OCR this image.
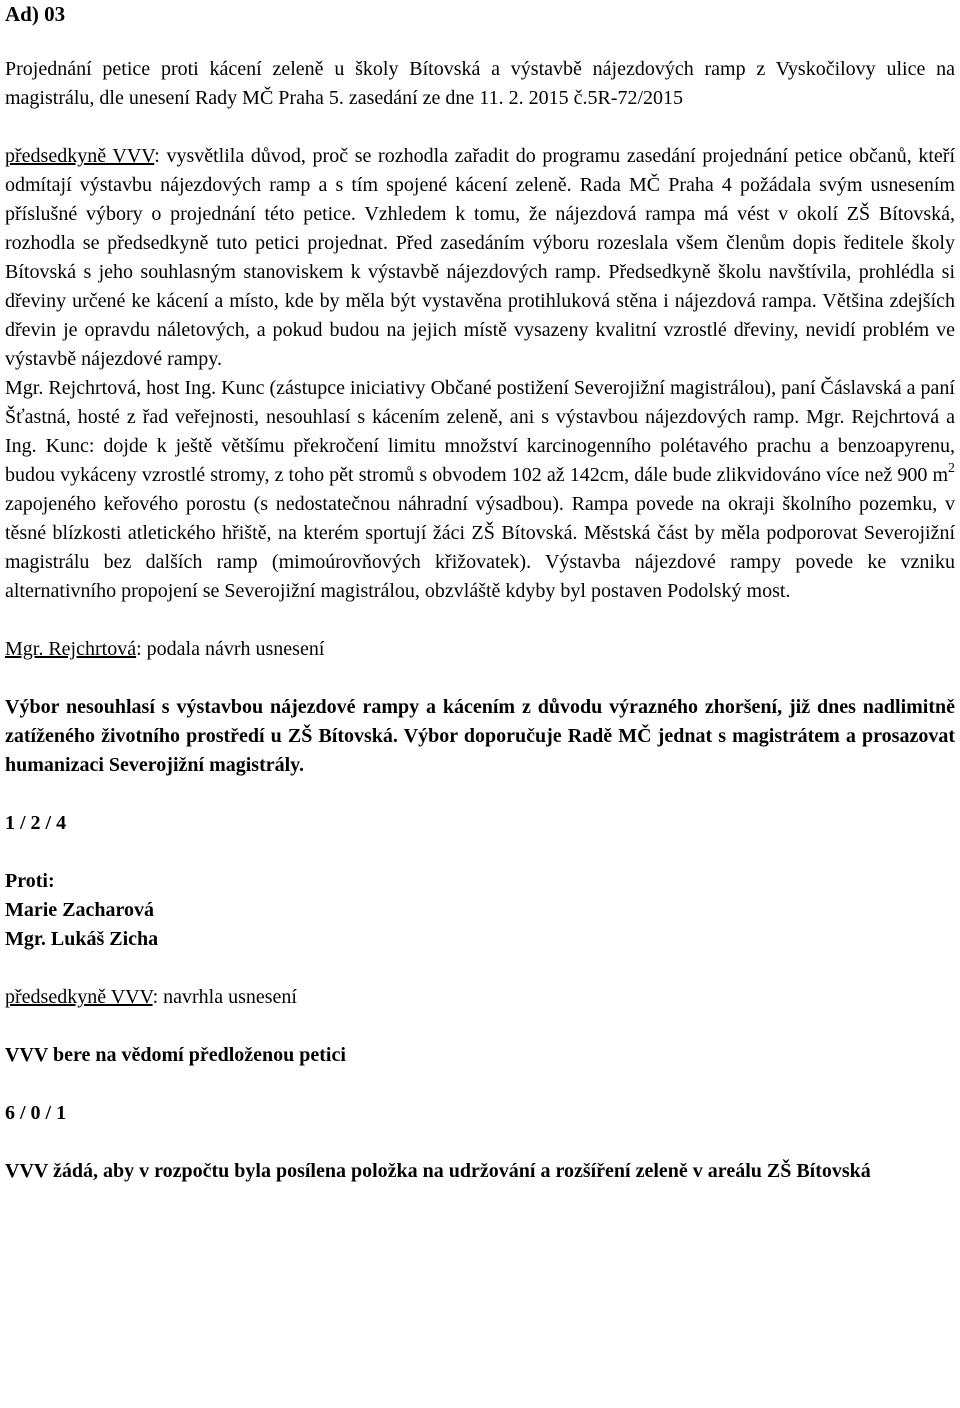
Ad) 03

Projednání petice proti kácení zeleně u školy Bítovská a výstavbě nájezdových ramp z Vyskočilovy ulice na magistrálu, dle unesení Rady MČ Praha 5. zasedání ze dne 11. 2. 2015 č.5R-72/2015

předsedkyně VVV: vysvětlila důvod, proč se rozhodla zařadit do programu zasedání projednání petice občanů, kteří odmítají výstavbu nájezdových ramp a s tím spojené kácení zeleně. Rada MČ Praha 4 požádala svým usnesením příslušné výbory o projednání této petice. Vzhledem k tomu, že nájezdová rampa má vést v okolí ZŠ Bítovská, rozhodla se předsedkyně tuto petici projednat. Před zasedáním výboru rozeslala všem členům dopis ředitele školy Bítovská s jeho souhlasným stanoviskem k výstavbě nájezdových ramp. Předsedkyně školu navštívila, prohlédla si dřeviny určené ke kácení a místo, kde by měla být vystavěna protihluková stěna i nájezdová rampa. Většina zdejších dřevin je opravdu náletových, a pokud budou na jejich místě vysazeny kvalitní vzrostlé dřeviny, nevidí problém ve výstavbě nájezdové rampy.

Mgr. Rejchrtová, host Ing. Kunc (zástupce iniciativy Občané postižení Severojižní magistrálou), paní Čáslavská a paní Šťastná, hosté z řad veřejnosti, nesouhlasí s kácením zeleně, ani s výstavbou nájezdových ramp. Mgr. Rejchrtová a Ing. Kunc: dojde k ještě většímu překročení limitu množství karcinogenního polétavého prachu a benzoapyrenu, budou vykáceny vzrostlé stromy, z toho pět stromů s obvodem 102 až 142cm, dále bude zlikvidováno více než 900 $m^2$ zapojeného keřového porostu (s nedostatečnou náhradní výsadbou). Rampa povede na okraji školního pozemku, v těsné blízkosti atletického hřiště, na kterém sportují žáci ZŠ Bítovská. Městská část by měla podporovat Severojižní magistrálu bez dalších ramp (mimoúrovňových křižovatek). Výstavba nájezdové rampy povede ke vzniku alternativního propojení se Severojižní magistrálou, obzvláště kdyby byl postaven Podolský most.

Mgr. Rejchrtová: podala návrh usnesení

Výbor nesouhlasí s výstavbou nájezdové rampy a kácením z důvodu výrazného zhoršení, již dnes nadlimitně zatíženého životního prostředí u ZŠ Bítovská. Výbor doporučuje Radě MČ jednat s magistrátem a prosazovat humanizaci Severojižní magistrály.

1 / 2 / 4

Proti:

Marie Zacharová

Mgr. Lukáš Zicha

předsedkyně VVV: navrhla usnesení

VVV bere na vědomí předloženou petici

6 / 0 / 1

VVV žádá, aby v rozpočtu byla posílena položka na udržování a rozšíření zeleně v areálu ZŠ Bítovská
